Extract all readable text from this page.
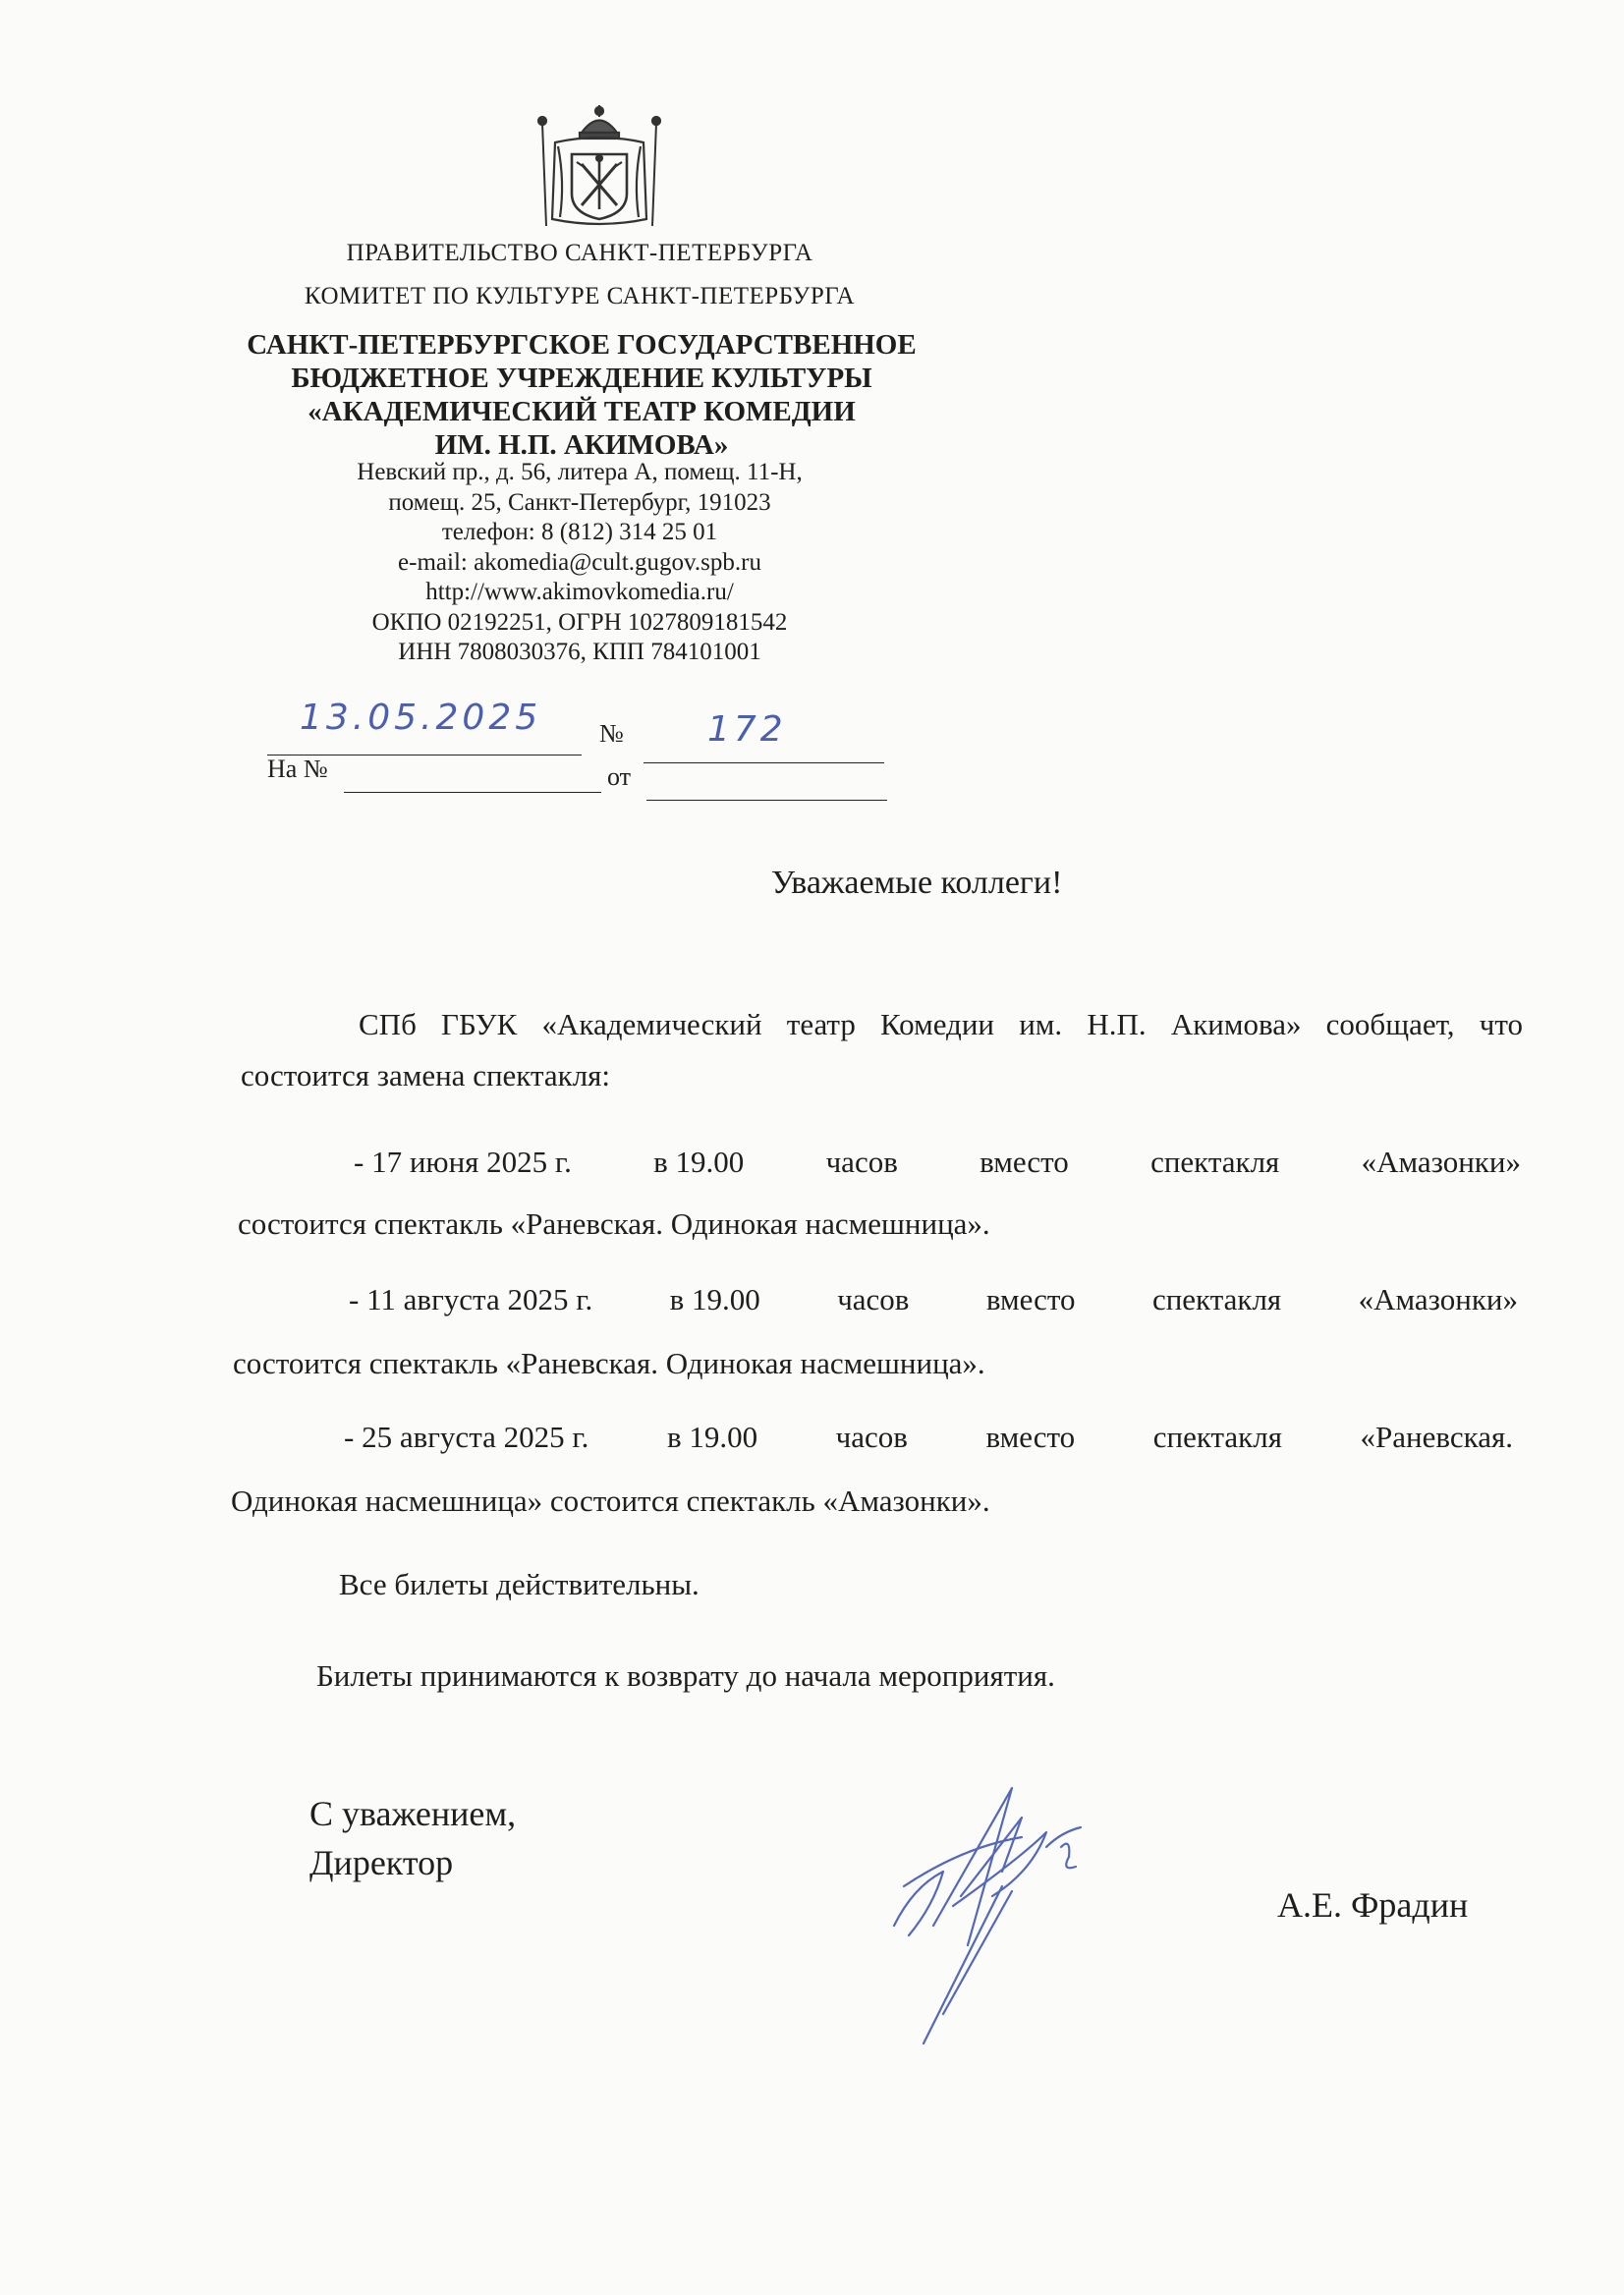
ПРАВИТЕЛЬСТВО САНКТ-ПЕТЕРБУРГА
КОМИТЕТ ПО КУЛЬТУРЕ САНКТ-ПЕТЕРБУРГА
САНКТ-ПЕТЕРБУРГСКОЕ ГОСУДАРСТВЕННОЕ
БЮДЖЕТНОЕ УЧРЕЖДЕНИЕ КУЛЬТУРЫ
«АКАДЕМИЧЕСКИЙ ТЕАТР КОМЕДИИ
ИМ. Н.П. АКИМОВА»
Невский пр., д. 56, литера А, помещ. 11-Н,
помещ. 25, Санкт-Петербург, 191023
телефон: 8 (812) 314 25 01
e-mail: akomedia@cult.gugov.spb.ru
http://www.akimovkomedia.ru/
ОКПО 02192251, ОГРН 1027809181542
ИНН 7808030376, КПП 784101001
13.05.2025 № 172
На №	от
Уважаемые коллеги!
СПб ГБУК «Академический театр Комедии им. Н.П. Акимова» сообщает, что
состоится замена спектакля:
- 17 июня 2025 г.	в 19.00	часов	вместо	спектакля	«Амазонки»
состоится спектакль «Раневская. Одинокая насмешница».
- 11 августа 2025 г.	в 19.00	часов	вместо	спектакля	«Амазонки»
состоится спектакль «Раневская. Одинокая насмешница».
- 25 августа 2025 г.	в 19.00	часов	вместо	спектакля	«Раневская.
Одинокая насмешница» состоится спектакль «Амазонки».
Все билеты действительны.
Билеты принимаются к возврату до начала мероприятия.
С уважением,
Директор
А.Е. Фрадин
